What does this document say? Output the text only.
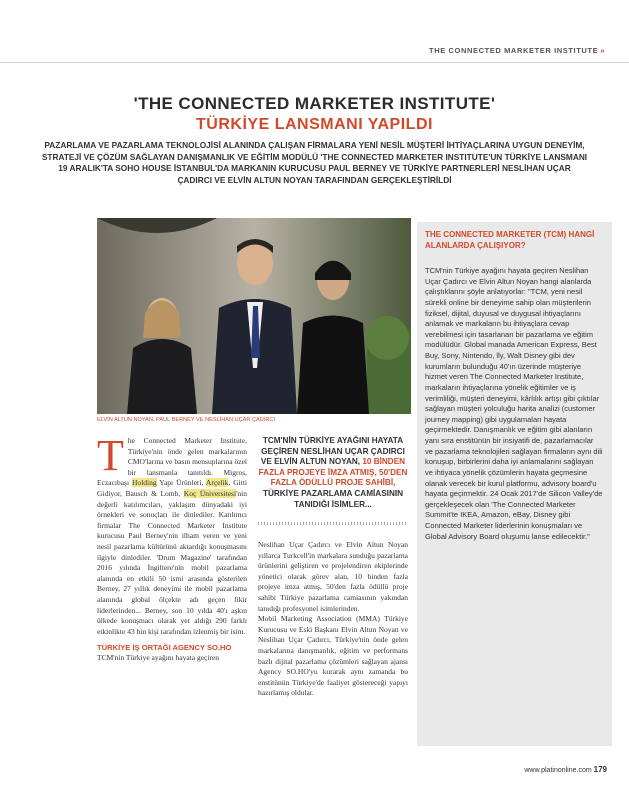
THE CONNECTED MARKETER INSTITUTE »
'THE CONNECTED MARKETER INSTITUTE'
TÜRKİYE LANSMANI YAPILDI
PAZARLAMA VE PAZARLAMA TEKNOLOJİSİ ALANINDA ÇALIŞAN FİRMALARA YENİ NESİL MÜŞTERİ İHTİYAÇLARINA UYGUN DENEYİM, STRATEJİ VE ÇÖZÜM SAĞLAYAN DANIŞMANLIK VE EĞİTİM MODÜLÜ 'THE CONNECTED MARKETER INSTITUTE'UN TÜRKİYE LANSMANI 19 ARALIK'TA SOHO HOUSE İSTANBUL'DA MARKANIN KURUCUSU PAUL BERNEY VE TÜRKİYE PARTNERLERİ NESLİHAN UÇAR ÇADIRCI VE ELVİN ALTUN NOYAN TARAFINDAN GERÇEKLEŞTİRİLDİ
ELVİN ALTUN NOYAN, PAUL BERNEY VE NESLİHAN UÇAR ÇADIRCI
The Connected Marketer Institute, Türkiye'nin önde gelen markalarının CMO'larına ve basın mensuplarına özel bir lansmanla tanıtıldı. Migros, Eczacıbaşı Holding Yapı Ürünleri, Arçelik, Gitti Gidiyor, Bausch & Lomb, Koç Üniversitesi'nin değerli katılımcıları, yaklaşım dünyadaki iyi örnekleri ve sonuçları ile dinlediler. Katılımcı firmalar The Connected Marketer Institute kurucusu Paul Berney'nin ilham veren ve yeni nesil pazarlama kültürünü aktardığı konuşmasını ilgiyle dinlediler. 'Drum Magazine' tarafından 2016 yılında İngiltere'nin mobil pazarlama alanında en etkili 50 ismi arasında gösterilen Berney, 27 yıllık deneyimi ile mobil pazarlama alanında global ölçekte adı geçen fikir liderlerinden... Berney, son 10 yılda 40'ı aşkın ülkede konuşmacı olarak yer aldığı 290 farklı etkinlikte 43 bin kişi tarafından izlenmiş bir isim.
TÜRKİYE İŞ ORTAĞI AGENCY SO.HO
TCM'nin Türkiye ayağını hayata geçiren
TCM'NİN TÜRKİYE AYAĞINI HAYATA GEÇİREN NESLİHAN UÇAR ÇADIRCI VE ELVİN ALTUN NOYAN, 10 BİNDEN FAZLA PROJEYE İMZA ATMIŞ, 50'DEN FAZLA ÖDÜLLÜ PROJE SAHİBİ, TÜRKİYE PAZARLAMA CAMİASININ TANIDIĞI İSİMLER...
Neslihan Uçar Çadırcı ve Elvin Altun Noyan yıllarca Turkcell'in markalara sunduğu pazarlama ürünlerini geliştiren ve projelendiren ekiplerinde yönetici olarak görev alan, 10 binden fazla projeye imza atmış, 50'den fazla ödüllü proje sahibi Türkiye pazarlama camiasının yakından tanıdığı profesyonel isimlerinden.
Mobil Marketing Association (MMA) Türkiye Kurucusu ve Eski Başkanı Elvin Altun Noyan ve Neslihan Uçar Çadırcı, Türkiye'nin önde gelen markalarına danışmanlık, eğitim ve performans bazlı dijital pazarlama çözümleri sağlayan ajansı Agency SO.HO'yu kurarak aynı zamanda bu enstitünün Türkiye'de faaliyet göstereceği yapıyı hazırlamış oldular.
THE CONNECTED MARKETER (TCM) HANGİ ALANLARDA ÇALIŞIYOR?
TCM'nin Türkiye ayağını hayata geçiren Neslihan Uçar Çadırcı ve Elvin Altun Noyan hangi alanlarda çalıştıklarını şöyle anlatıyorlar: "TCM, yeni nesil sürekli online bir deneyime sahip olan müşterilerin fiziksel, dijital, duyusal ve duygusal ihtiyaçlarını anlamak ve markaların bu ihtiyaçlara cevap verebilmesi için tasarlanan bir pazarlama ve eğitim modülüdür. Global manada American Express, Best Buy, Sony, Nintendo, lly, Walt Disney gibi dev kurumların bulunduğu 40'ın üzerinde müşteriye hizmet veren The Connected Marketer Institute, markaların ihtiyaçlarına yönelik eğitimler ve iş verimliliği, müşteri deneyimi, kârlılık artışı gibi çıktılar sağlayan müşteri yolculuğu harita analizi (customer journey mapping) gibi uygulamaları hayata geçirmektedir. Danışmanlık ve eğitim gibi alanların yanı sıra enstitünün bir insiyatifi de, pazarlamacılar ve pazarlama teknolojileri sağlayan firmaların aynı dili konuşup, birbirlerini daha iyi anlamalarını sağlayan ve ihtiyaca yönelik çözümlerin hayata geçmesine olanak verecek bir kurul platformu, advisory board'u hayata geçirmektir. 24 Ocak 2017'de Silicon Valley'de gerçekleşecek olan 'The Connected Marketer Summit'te IKEA, Amazon, eBay, Disney gibi Connected Marketer liderlerinin konuşmaları ve Global Advisory Board oluşumu lanse edilecektir."
www.platinonline.com 179
